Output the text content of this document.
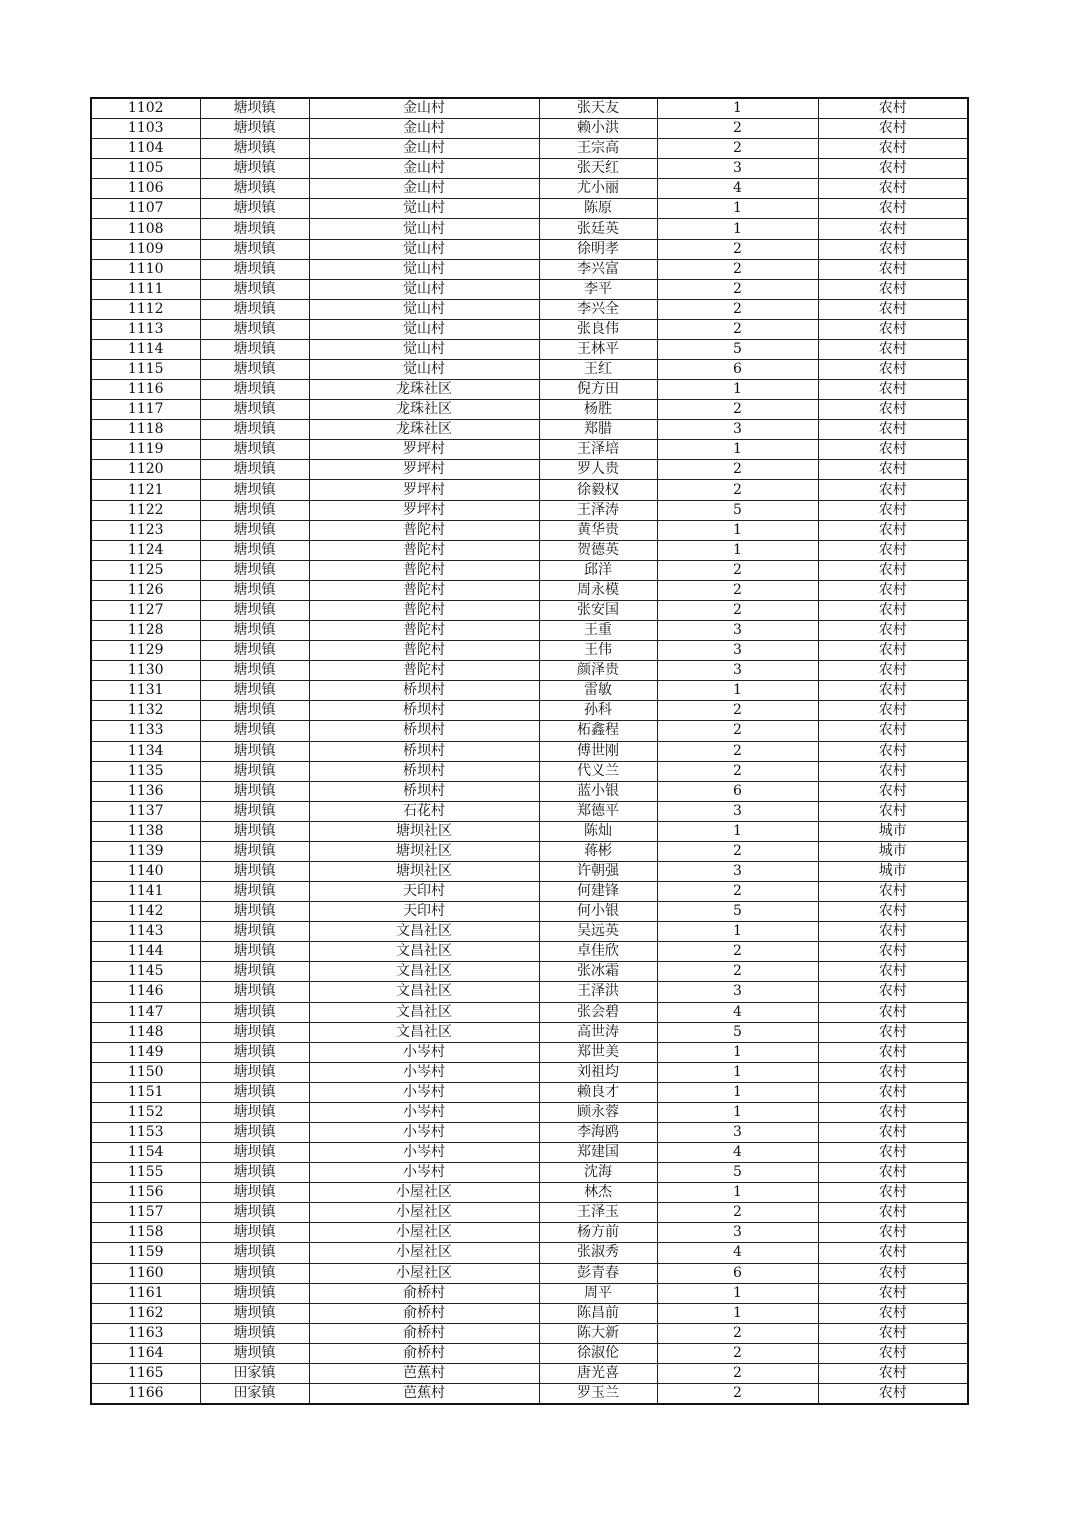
1102	塘坝镇	金山村	张天友	1	农村
1103	塘坝镇	金山村	赖小洪	2	农村
1104	塘坝镇	金山村	王宗高	2	农村
1105	塘坝镇	金山村	张天红	3	农村
1106	塘坝镇	金山村	尤小丽	4	农村
1107	塘坝镇	觉山村	陈原	1	农村
1108	塘坝镇	觉山村	张廷英	1	农村
1109	塘坝镇	觉山村	徐明孝	2	农村
1110	塘坝镇	觉山村	李兴富	2	农村
1111	塘坝镇	觉山村	李平	2	农村
1112	塘坝镇	觉山村	李兴全	2	农村
1113	塘坝镇	觉山村	张良伟	2	农村
1114	塘坝镇	觉山村	王林平	5	农村
1115	塘坝镇	觉山村	王红	6	农村
1116	塘坝镇	龙珠社区	倪方田	1	农村
1117	塘坝镇	龙珠社区	杨胜	2	农村
1118	塘坝镇	龙珠社区	郑腊	3	农村
1119	塘坝镇	罗坪村	王泽培	1	农村
1120	塘坝镇	罗坪村	罗人贵	2	农村
1121	塘坝镇	罗坪村	徐毅权	2	农村
1122	塘坝镇	罗坪村	王泽涛	5	农村
1123	塘坝镇	普陀村	黄华贵	1	农村
1124	塘坝镇	普陀村	贺德英	1	农村
1125	塘坝镇	普陀村	邱洋	2	农村
1126	塘坝镇	普陀村	周永模	2	农村
1127	塘坝镇	普陀村	张安国	2	农村
1128	塘坝镇	普陀村	王重	3	农村
1129	塘坝镇	普陀村	王伟	3	农村
1130	塘坝镇	普陀村	颜泽贵	3	农村
1131	塘坝镇	桥坝村	雷敏	1	农村
1132	塘坝镇	桥坝村	孙科	2	农村
1133	塘坝镇	桥坝村	柘鑫程	2	农村
1134	塘坝镇	桥坝村	傅世刚	2	农村
1135	塘坝镇	桥坝村	代义兰	2	农村
1136	塘坝镇	桥坝村	蓝小银	6	农村
1137	塘坝镇	石花村	郑德平	3	农村
1138	塘坝镇	塘坝社区	陈灿	1	城市
1139	塘坝镇	塘坝社区	蒋彬	2	城市
1140	塘坝镇	塘坝社区	许朝强	3	城市
1141	塘坝镇	天印村	何建锋	2	农村
1142	塘坝镇	天印村	何小银	5	农村
1143	塘坝镇	文昌社区	吴远英	1	农村
1144	塘坝镇	文昌社区	卓佳欣	2	农村
1145	塘坝镇	文昌社区	张冰霜	2	农村
1146	塘坝镇	文昌社区	王泽洪	3	农村
1147	塘坝镇	文昌社区	张会碧	4	农村
1148	塘坝镇	文昌社区	高世涛	5	农村
1149	塘坝镇	小岑村	郑世美	1	农村
1150	塘坝镇	小岑村	刘祖均	1	农村
1151	塘坝镇	小岑村	赖良才	1	农村
1152	塘坝镇	小岑村	顾永蓉	1	农村
1153	塘坝镇	小岑村	李海鸥	3	农村
1154	塘坝镇	小岑村	郑建国	4	农村
1155	塘坝镇	小岑村	沈海	5	农村
1156	塘坝镇	小屋社区	林杰	1	农村
1157	塘坝镇	小屋社区	王泽玉	2	农村
1158	塘坝镇	小屋社区	杨方前	3	农村
1159	塘坝镇	小屋社区	张淑秀	4	农村
1160	塘坝镇	小屋社区	彭青春	6	农村
1161	塘坝镇	俞桥村	周平	1	农村
1162	塘坝镇	俞桥村	陈昌前	1	农村
1163	塘坝镇	俞桥村	陈大新	2	农村
1164	塘坝镇	俞桥村	徐淑伦	2	农村
1165	田家镇	芭蕉村	唐光喜	2	农村
1166	田家镇	芭蕉村	罗玉兰	2	农村
